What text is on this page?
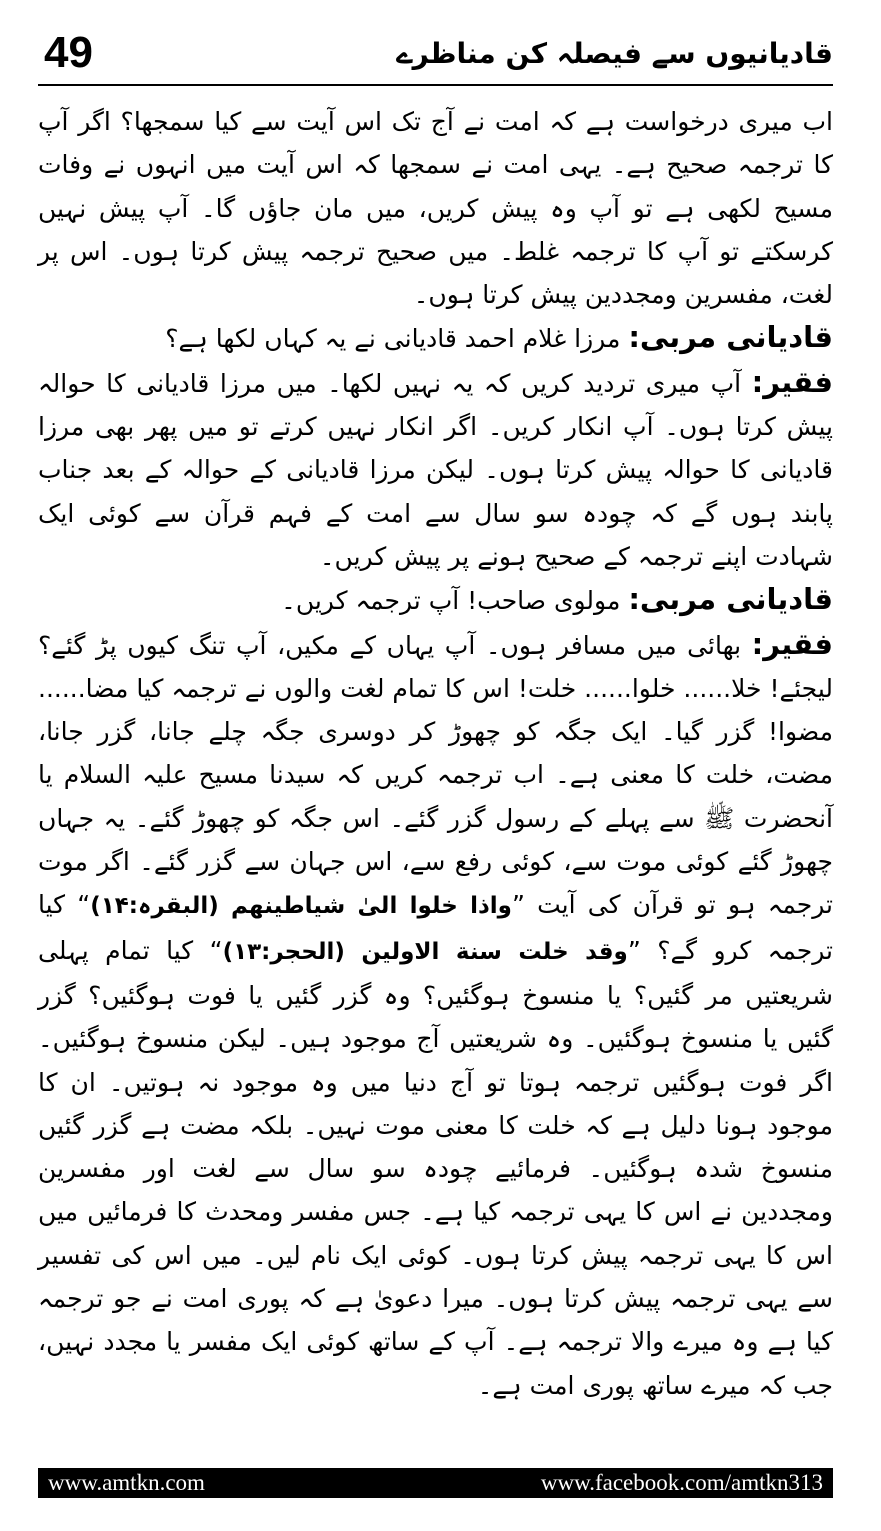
49	قادیانیوں سے فیصلہ کن مناظرے

اب میری درخواست ہے کہ امت نے آج تک اس آیت سے کیا سمجھا؟ اگر آپ کا ترجمہ صحیح ہے۔ یہی امت نے سمجھا کہ اس آیت میں انہوں نے وفات مسیح لکھی ہے تو آپ وہ پیش کریں، میں مان جاؤں گا۔ آپ پیش نہیں کرسکتے تو آپ کا ترجمہ غلط۔ میں صحیح ترجمہ پیش کرتا ہوں۔ اس پر لغت، مفسرین ومجددین پیش کرتا ہوں۔

قادیانی مربی: مرزا غلام احمد قادیانی نے یہ کہاں لکھا ہے؟

فقیر: آپ میری تردید کریں کہ یہ نہیں لکھا۔ میں مرزا قادیانی کا حوالہ پیش کرتا ہوں۔ آپ انکار کریں۔ اگر انکار نہیں کرتے تو میں پھر بھی مرزا قادیانی کا حوالہ پیش کرتا ہوں۔ لیکن مرزا قادیانی کے حوالہ کے بعد جناب پابند ہوں گے کہ چودہ سو سال سے امت کے فہم قرآن سے کوئی ایک شہادت اپنے ترجمہ کے صحیح ہونے پر پیش کریں۔

قادیانی مربی: مولوی صاحب! آپ ترجمہ کریں۔

فقیر: بھائی میں مسافر ہوں۔ آپ یہاں کے مکیں، آپ تنگ کیوں پڑ گئے؟ لیجئے! خلا...... خلوا...... خلت! اس کا تمام لغت والوں نے ترجمہ کیا مضا...... مضوا! گزر گیا۔ ایک جگہ کو چھوڑ کر دوسری جگہ چلے جانا، گزر جانا، مضت، خلت کا معنی ہے۔ اب ترجمہ کریں کہ سیدنا مسیح علیہ السلام یا آنحضرت ﷺ سے پہلے کے رسول گزر گئے۔ اس جگہ کو چھوڑ گئے۔ یہ جہاں چھوڑ گئے کوئی موت سے، کوئی رفع سے، اس جہان سے گزر گئے۔ اگر موت ترجمہ ہو تو قرآن کی آیت ”واذا خلوا الیٰ شیاطینهم (البقرہ:۱۴)“ کیا ترجمہ کرو گے؟ ”وقد خلت سنة الاولین (الحجر:۱۳)“ کیا تمام پہلی شریعتیں مر گئیں؟ یا منسوخ ہوگئیں؟ وہ گزر گئیں یا فوت ہوگئیں؟ گزر گئیں یا منسوخ ہوگئیں۔ وہ شریعتیں آج موجود ہیں۔ لیکن منسوخ ہوگئیں۔ اگر فوت ہوگئیں ترجمہ ہوتا تو آج دنیا میں وہ موجود نہ ہوتیں۔ ان کا موجود ہونا دلیل ہے کہ خلت کا معنی موت نہیں۔ بلکہ مضت ہے گزر گئیں منسوخ شدہ ہوگئیں۔ فرمائیے چودہ سو سال سے لغت اور مفسرین ومجددین نے اس کا یہی ترجمہ کیا ہے۔ جس مفسر ومحدث کا فرمائیں میں اس کا یہی ترجمہ پیش کرتا ہوں۔ کوئی ایک نام لیں۔ میں اس کی تفسیر سے یہی ترجمہ پیش کرتا ہوں۔ میرا دعویٰ ہے کہ پوری امت نے جو ترجمہ کیا ہے وہ میرے والا ترجمہ ہے۔ آپ کے ساتھ کوئی ایک مفسر یا مجدد نہیں، جب کہ میرے ساتھ پوری امت ہے۔

www.amtkn.com	www.facebook.com/amtkn313
